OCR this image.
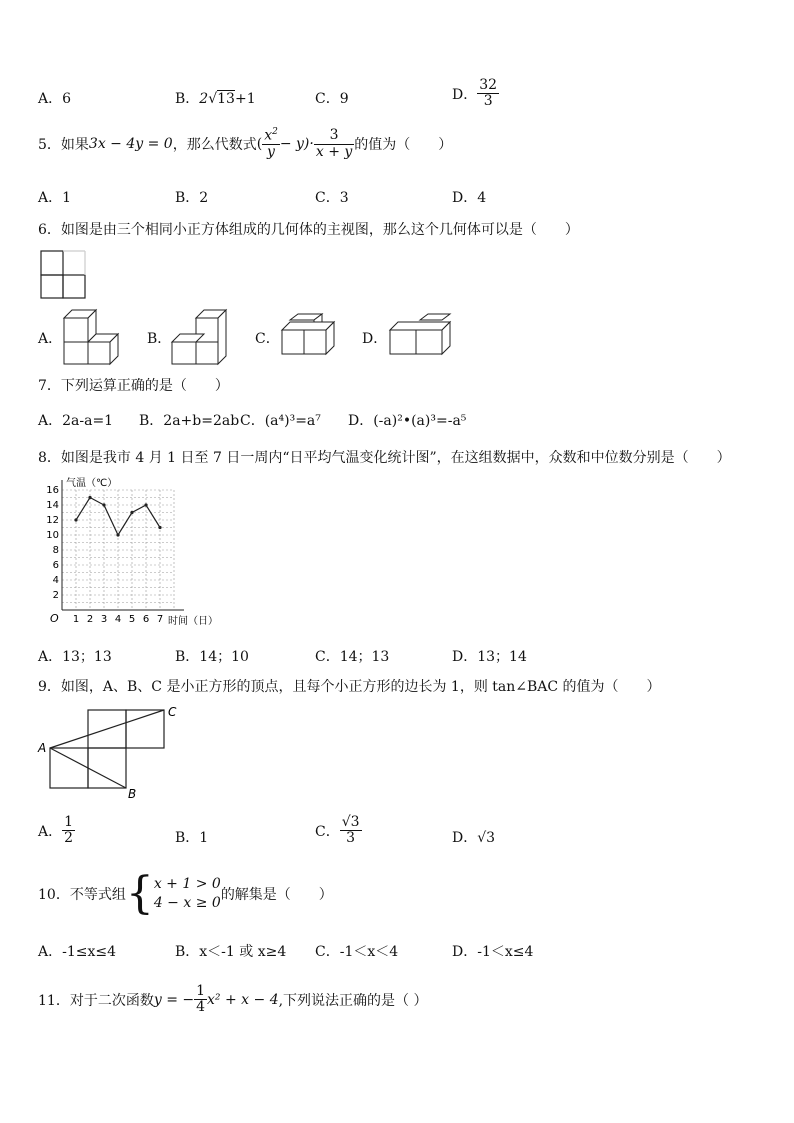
A．6	B．2√13+1	C．9	D． $\frac{32}{3}$
5．如果3x − 4y = 0，那么代数式( $\frac{x^2}{y} - y)\cdot \frac{3}{x + y}$ 的值为（　　）
A．1	B．2	C．3	D．4
6．如图是由三个相同小正方体组成的几何体的主视图，那么这个几何体可以是（　　）
A．	B．	C．	D．
7．下列运算正确的是（　　）
A．2a-a=1 B．2a+b=2ab C．(a⁴)³=a⁷ D．(-a)²•(a)³=-a⁵
8．如图是我市 4 月 1 日至 7 日一周内“日平均气温变化统计图”，在这组数据中，众数和中位数分别是（　　）
2
4
6
8
10
12
14
16
1 2 3 4 5 6 7
气温（℃）
时间（日）
O
A．13；13	B．14；10	C．14；13	D．13；14
9．如图，A、B、C 是小正方形的顶点，且每个小正方形的边长为 1，则 tan∠BAC 的值为（　　）
A
B
C
A． $\frac{1}{2}$	B．1	C． $\frac{√3}{3}$	D．√3
10．不等式组{ x + 1 > 0
4 − x ≥ 0 的解集是（　　）
A．-1≤x≤4	B．x＜-1 或 x≥4 C．-1＜x＜4	D．-1＜x≤4
11．对于二次函数y = − $\frac{1}{4} x^2 + x - 4$,下列说法正确的是（ ）
